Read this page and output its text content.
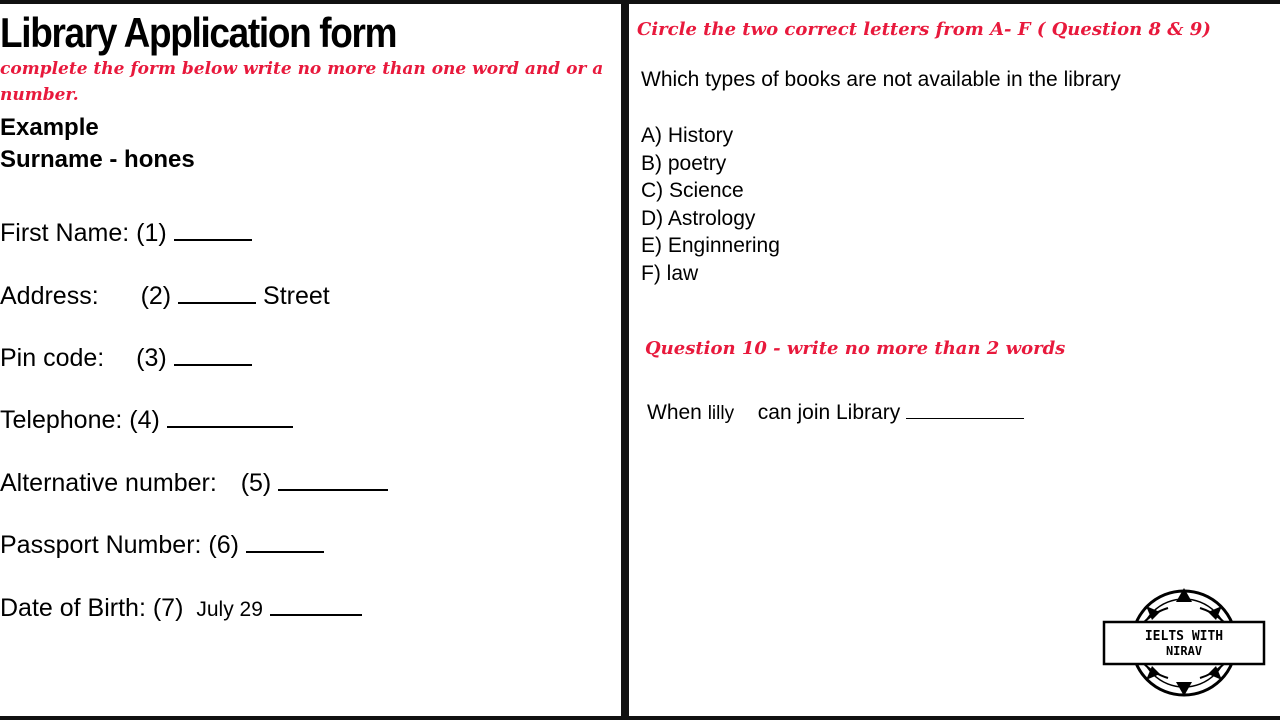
Library Application form
complete the form below write no more than one word and or a number.
Example
Surname - hones
First Name: (1)
Address: (2)	Street
Pin code: (3)
Telephone: (4)
Alternative number: (5)
Passport Number: (6)
Date of Birth: (7) July 29
Circle the two correct letters from A- F ( Question 8 & 9)
Which types of books are not available in the library
A) History
B) poetry
C) Science
D) Astrology
E) Enginnering
F) law
Question 10 - write no more than 2 words
When lilly can join Library
IELTS WITH
NIRAV
